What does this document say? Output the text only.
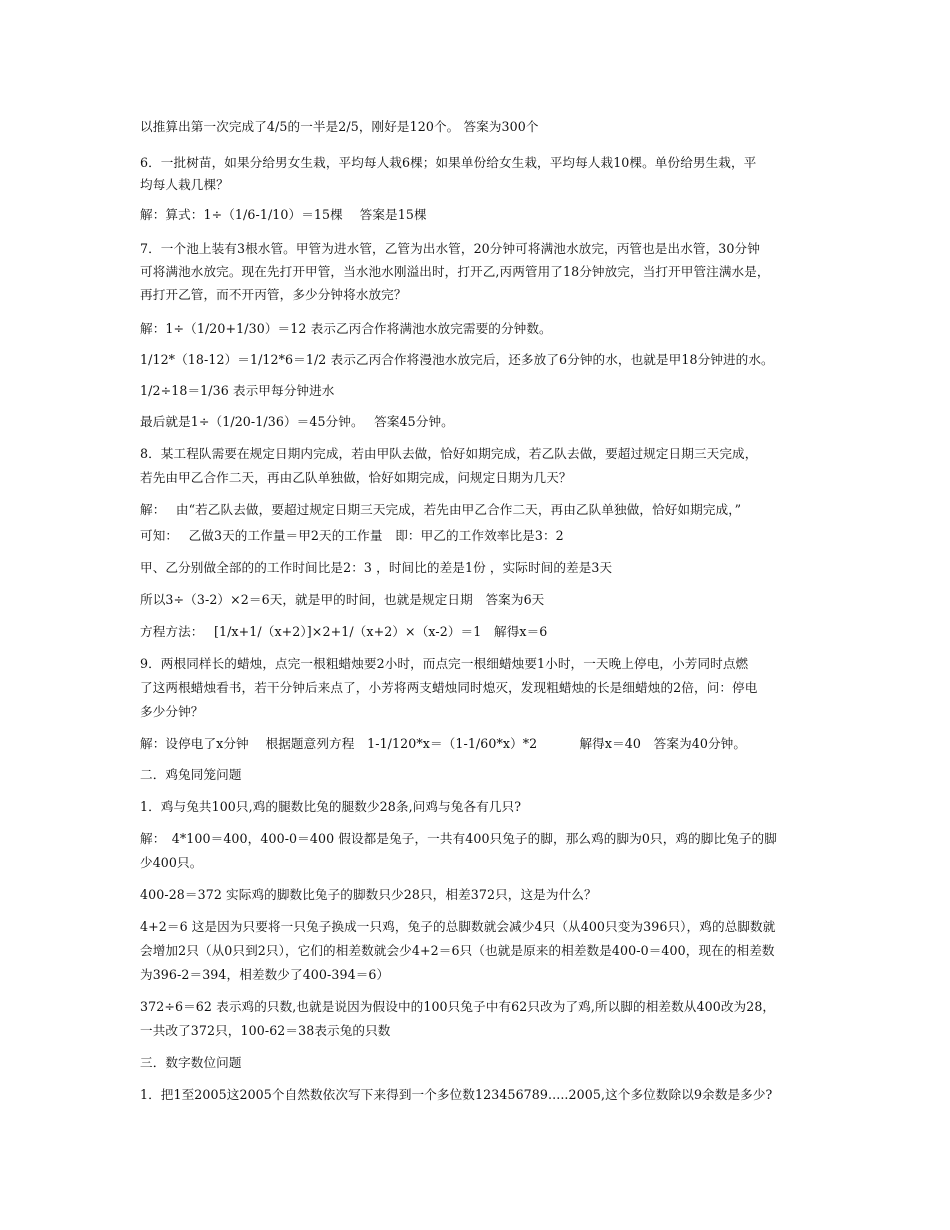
以推算出第一次完成了4/5的一半是2/5，刚好是120个。 答案为300个
6．一批树苗，如果分给男女生栽，平均每人栽6棵；如果单份给女生栽，平均每人栽10棵。单份给男生栽，平
均每人栽几棵？
解：算式：1÷（1/6-1/10）＝15棵　 答案是15棵
7．一个池上装有3根水管。甲管为进水管，乙管为出水管，20分钟可将满池水放完，丙管也是出水管，30分钟
可将满池水放完。现在先打开甲管，当水池水刚溢出时，打开乙,丙两管用了18分钟放完，当打开甲管注满水是，
再打开乙管，而不开丙管，多少分钟将水放完？
解：1÷（1/20+1/30）＝12 表示乙丙合作将满池水放完需要的分钟数。
1/12*（18-12）＝1/12*6＝1/2 表示乙丙合作将漫池水放完后，还多放了6分钟的水，也就是甲18分钟进的水。
1/2÷18＝1/36 表示甲每分钟进水
最后就是1÷（1/20-1/36）＝45分钟。　 答案45分钟。
8．某工程队需要在规定日期内完成，若由甲队去做，恰好如期完成，若乙队去做，要超过规定日期三天完成，
若先由甲乙合作二天，再由乙队单独做，恰好如期完成，问规定日期为几天？
解：　 由“若乙队去做，要超过规定日期三天完成，若先由甲乙合作二天，再由乙队单独做，恰好如期完成，”
可知：　 乙做3天的工作量＝甲2天的工作量　即：甲乙的工作效率比是3：2
甲、乙分别做全部的的工作时间比是2：3 ，时间比的差是1份 ，实际时间的差是3天
所以3÷（3-2）×2＝6天，就是甲的时间，也就是规定日期　答案为6天
方程方法：　 [1/x+1/（x+2）]×2+1/（x+2）×（x-2）＝1　解得x＝6
9．两根同样长的蜡烛，点完一根粗蜡烛要2小时，而点完一根细蜡烛要1小时，一天晚上停电，小芳同时点燃
了这两根蜡烛看书，若干分钟后来点了，小芳将两支蜡烛同时熄灭，发现粗蜡烛的长是细蜡烛的2倍，问：停电
多少分钟？
解：设停电了x分钟　 根据题意列方程　1-1/120*x＝（1-1/60*x）*2　　　 解得x＝40　答案为40分钟。
二．鸡兔同笼问题
1．鸡与兔共100只,鸡的腿数比兔的腿数少28条,问鸡与兔各有几只?
解：　4*100＝400，400-0＝400 假设都是兔子，一共有400只兔子的脚，那么鸡的脚为0只，鸡的脚比兔子的脚
少400只。
400-28＝372 实际鸡的脚数比兔子的脚数只少28只，相差372只，这是为什么？
4+2＝6 这是因为只要将一只兔子换成一只鸡，兔子的总脚数就会减少4只（从400只变为396只），鸡的总脚数就
会增加2只（从0只到2只），它们的相差数就会少4+2＝6只（也就是原来的相差数是400-0＝400，现在的相差数
为396-2＝394，相差数少了400-394＝6）
372÷6＝62 表示鸡的只数,也就是说因为假设中的100只兔子中有62只改为了鸡,所以脚的相差数从400改为28，
一共改了372只，100-62＝38表示兔的只数
三．数字数位问题
1．把1至2005这2005个自然数依次写下来得到一个多位数123456789.....2005,这个多位数除以9余数是多少?
